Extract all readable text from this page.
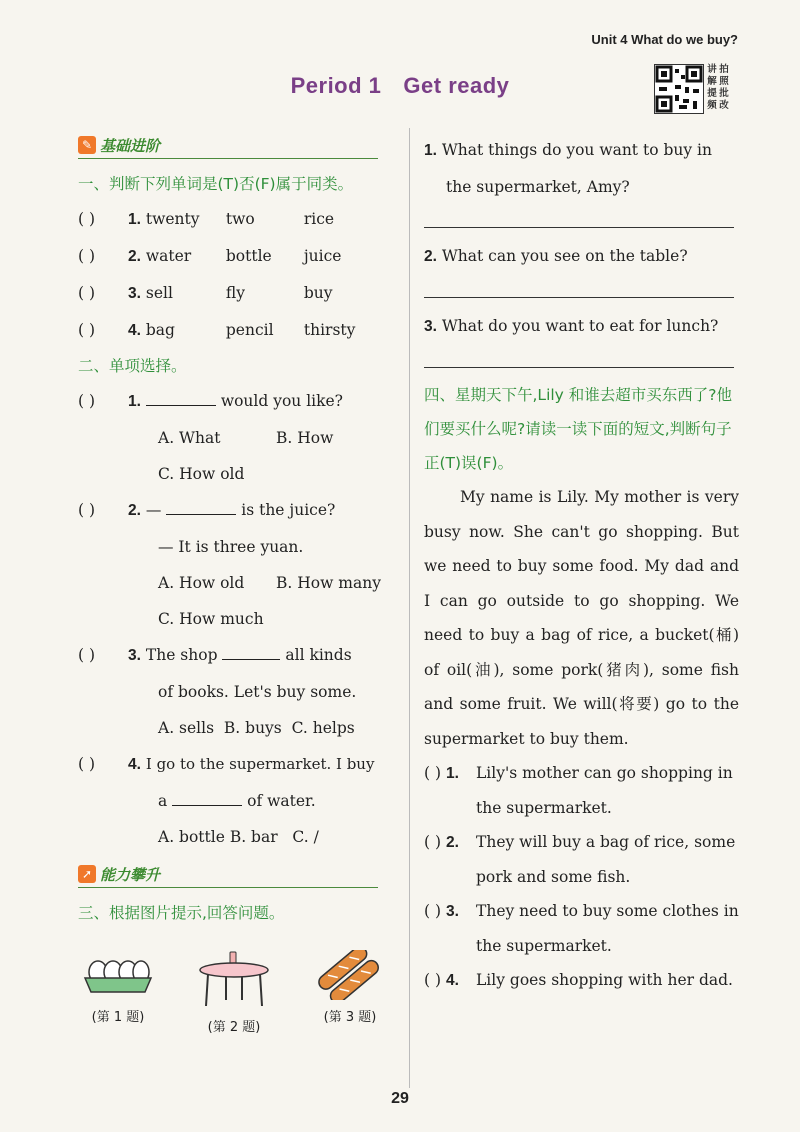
Unit 4 What do we buy?
Period 1 Get ready
讲 拍
解 照
提 批
频 改
✎ 基础进阶
一、判断下列单词是(T)否(F)属于同类。
( ) 1. twenty two	rice
( ) 2. water bottle juice
( ) 3. sell	fly	buy
( ) 4. bag	pencil thirsty
二、单项选择。
( ) 1.	would you like?
A. What	B. How
C. How old
( ) 2. —	is the juice?
— It is three yuan.
A. How old B. How many
C. How much
( ) 3. The shop	all kinds
of books. Let's buy some.
A. sells  B. buys  C. helps
( ) 4. I go to the supermarket. I buy
a	of water.
A. bottle B. bar   C. /
➚ 能力攀升
三、根据图片提示,回答问题。
(第 1 题)
(第 2 题)
(第 3 题)
1. What things do you want to buy in
the supermarket, Amy?
2. What can you see on the table?
3. What do you want to eat for lunch?
四、星期天下午,Lily 和谁去超市买东西了?他们要买什么呢?请读一读下面的短文,判断句子正(T)误(F)。
My name is Lily. My mother is very busy now. She can't go shopping. But we need to buy some food. My dad and I can go outside to go shopping. We need to buy a bag of rice, a bucket(桶) of oil(油), some pork(猪肉), some fish and some fruit. We will(将要) go to the supermarket to buy them.
( ) 1.	Lily's mother can go shopping in the supermarket.
( ) 2.	They will buy a bag of rice, some pork and some fish.
( ) 3.	They need to buy some clothes in the supermarket.
( ) 4.	Lily goes shopping with her dad.
29
